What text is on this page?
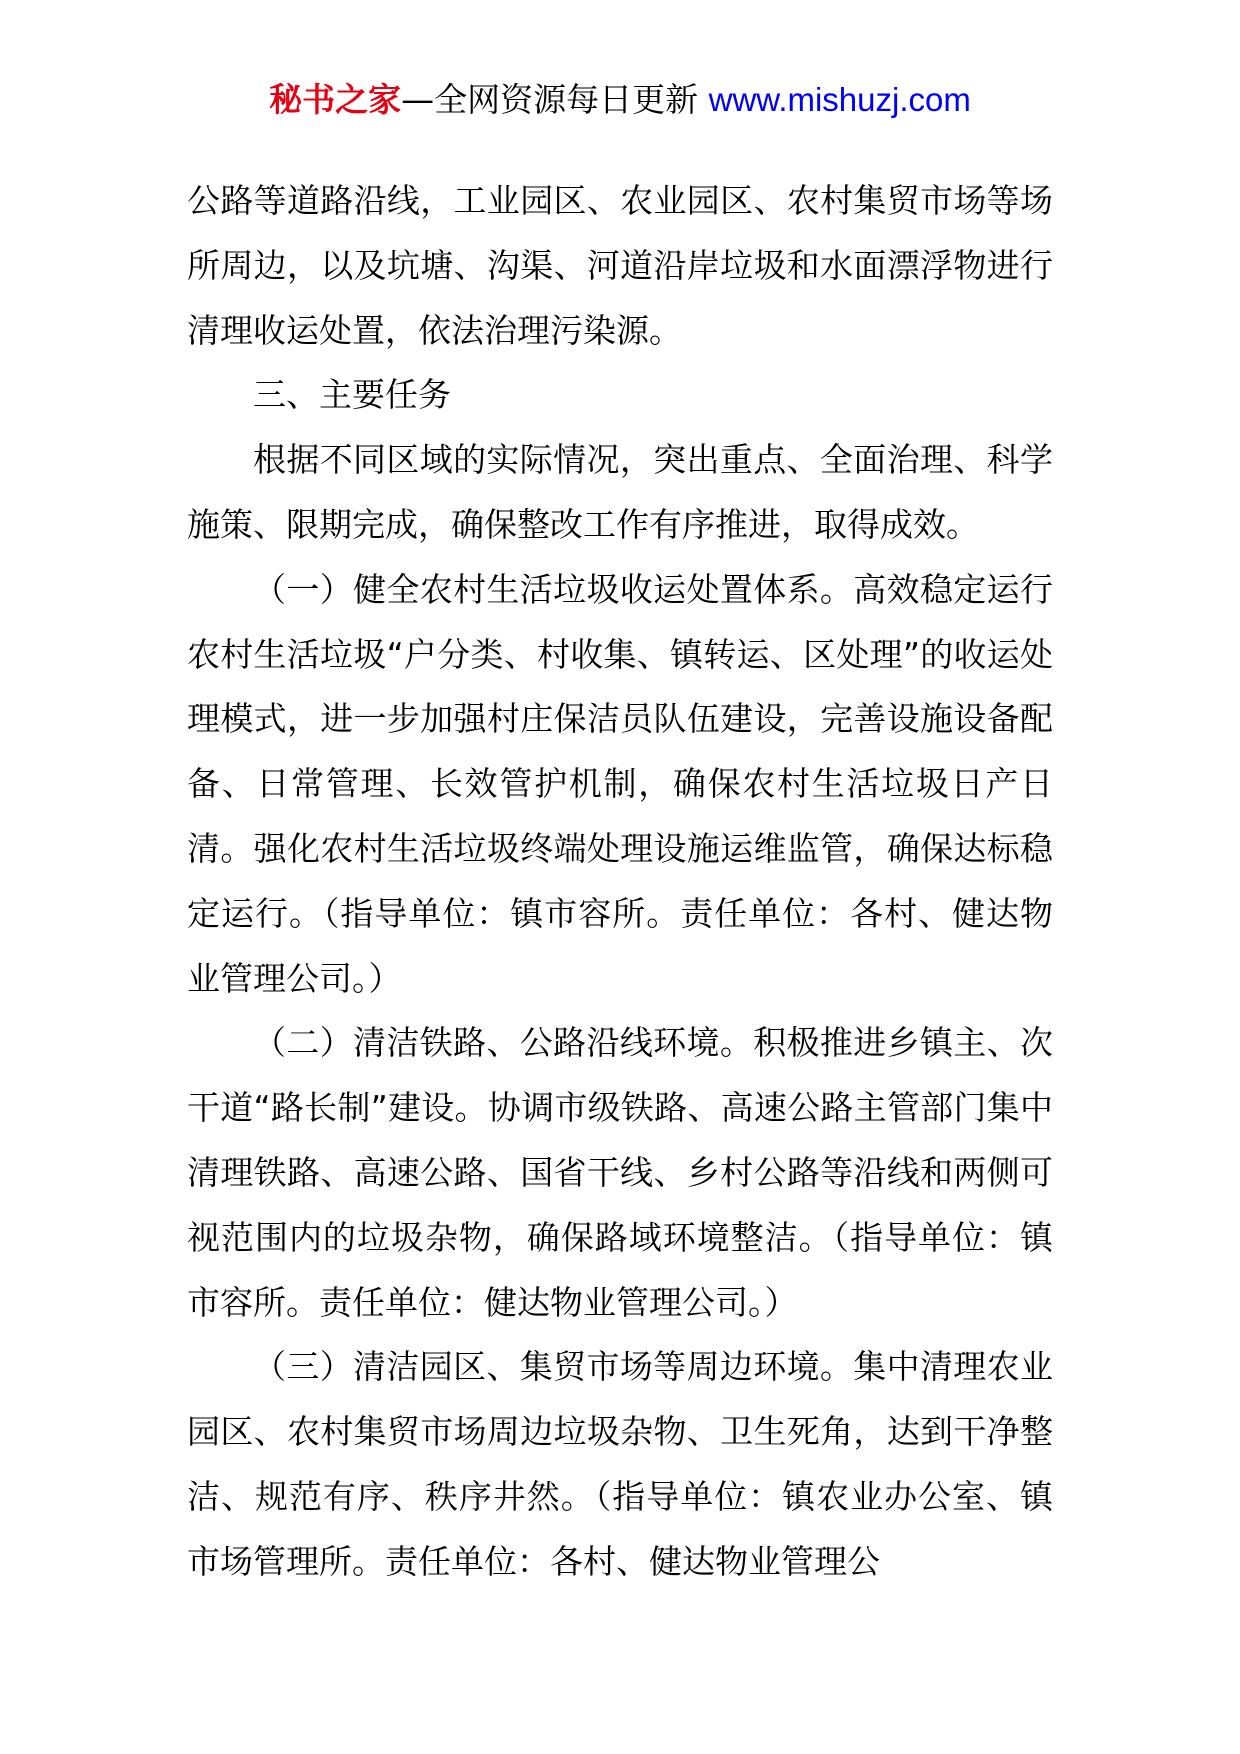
秘书之家—全网资源每日更新 www.mishuzj.com

公路等道路沿线，工业园区、农业园区、农村集贸市场等场所周边，以及坑塘、沟渠、河道沿岸垃圾和水面漂浮物进行清理收运处置，依法治理污染源。

三、主要任务

根据不同区域的实际情况，突出重点、全面治理、科学施策、限期完成，确保整改工作有序推进，取得成效。

（一）健全农村生活垃圾收运处置体系。高效稳定运行农村生活垃圾“户分类、村收集、镇转运、区处理”的收运处理模式，进一步加强村庄保洁员队伍建设，完善设施设备配备、日常管理、长效管护机制，确保农村生活垃圾日产日清。强化农村生活垃圾终端处理设施运维监管，确保达标稳定运行。（指导单位：镇市容所。责任单位：各村、健达物业管理公司。）

（二）清洁铁路、公路沿线环境。积极推进乡镇主、次干道“路长制”建设。协调市级铁路、高速公路主管部门集中清理铁路、高速公路、国省干线、乡村公路等沿线和两侧可视范围内的垃圾杂物，确保路域环境整洁。（指导单位：镇市容所。责任单位：健达物业管理公司。）

（三）清洁园区、集贸市场等周边环境。集中清理农业园区、农村集贸市场周边垃圾杂物、卫生死角，达到干净整洁、规范有序、秩序井然。（指导单位：镇农业办公室、镇市场管理所。责任单位：各村、健达物业管理公
